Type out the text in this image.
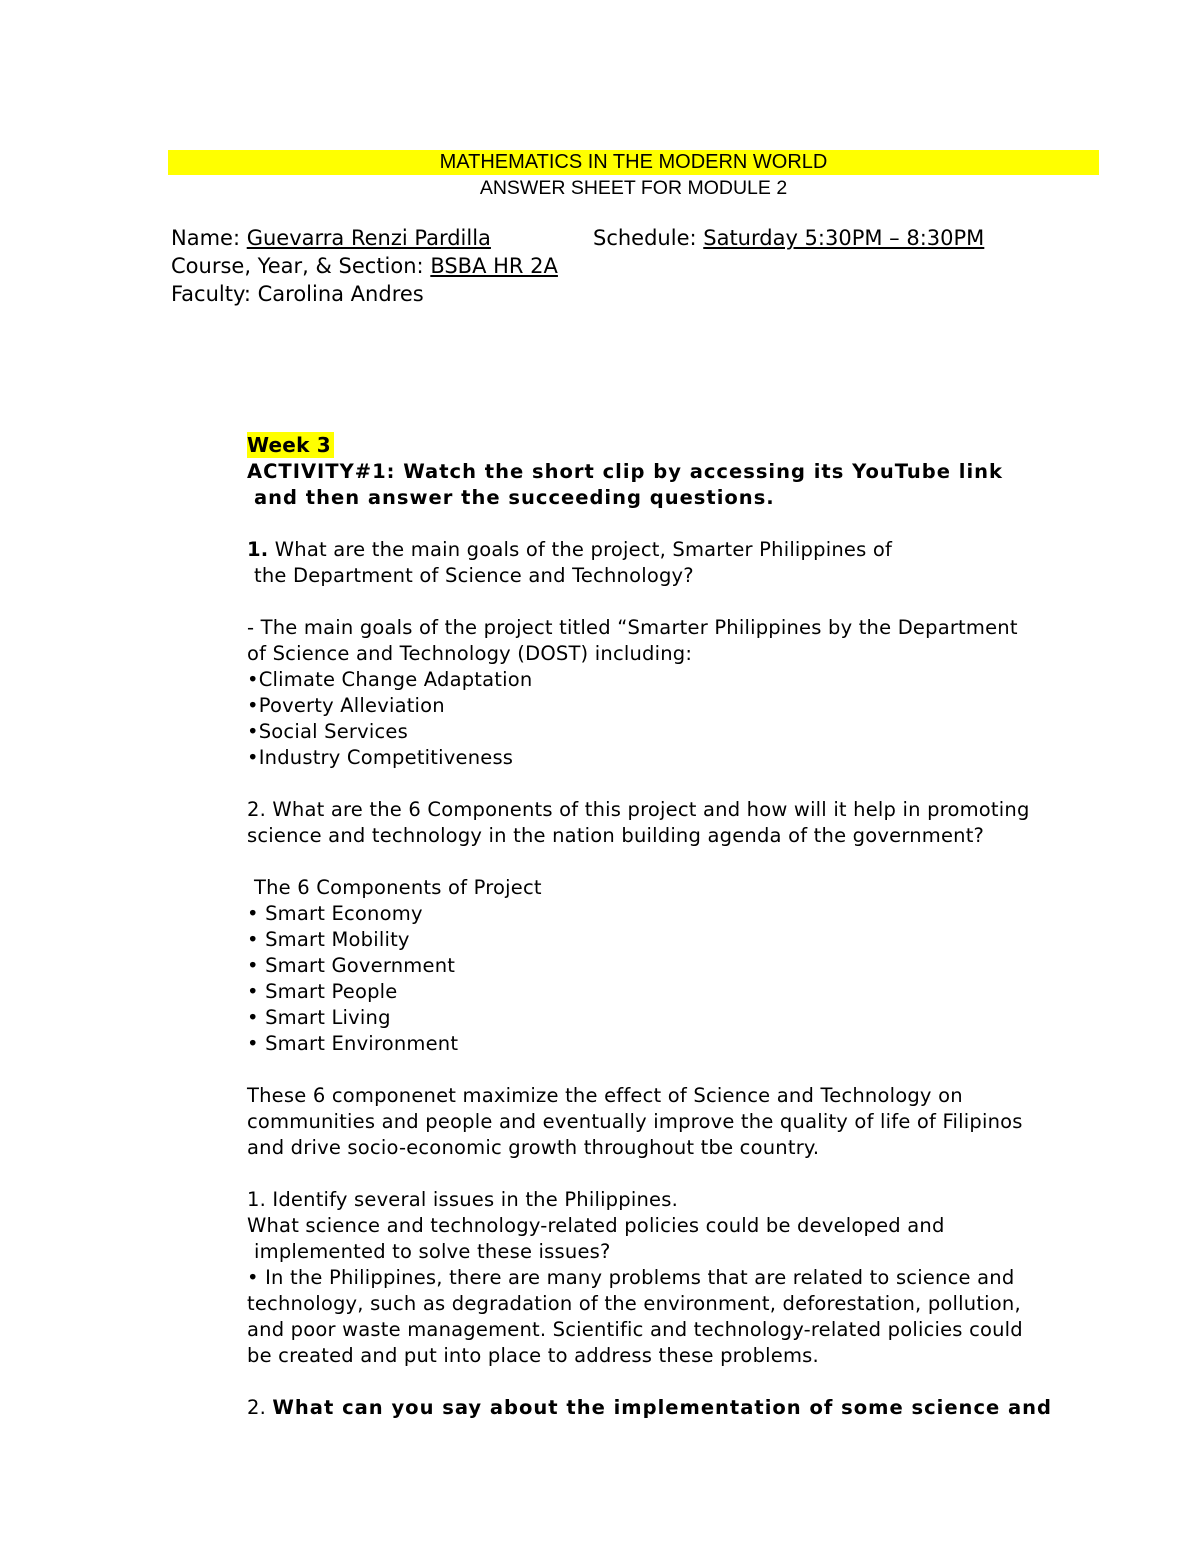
MATHEMATICS IN THE MODERN WORLD
ANSWER SHEET FOR MODULE 2
Name: Guevarra Renzi Pardilla	Schedule: Saturday 5:30PM – 8:30PM
Course, Year, & Section: BSBA HR 2A
Faculty: Carolina Andres

Week 3

ACTIVITY#1: Watch the short clip by accessing its YouTube link

and then answer the succeeding questions.

1. What are the main goals of the project, Smarter Philippines of

the Department of Science and Technology?

- The main goals of the project titled “Smarter Philippines by the Department

of Science and Technology (DOST) including:

•Climate Change Adaptation

•Poverty Alleviation

•Social Services

•Industry Competitiveness

2. What are the 6 Components of this project and how will it help in promoting

science and technology in the nation building agenda of the government?

The 6 Components of Project

• Smart Economy

• Smart Mobility

• Smart Government

• Smart People

• Smart Living

• Smart Environment

These 6 componenet maximize the effect of Science and Technology on

communities and people and eventually improve the quality of life of Filipinos

and drive socio-economic growth throughout tbe country.

1. Identify several issues in the Philippines.

What science and technology-related policies could be developed and

implemented to solve these issues?

• In the Philippines, there are many problems that are related to science and

technology, such as degradation of the environment, deforestation, pollution,

and poor waste management. Scientific and technology-related policies could

be created and put into place to address these problems.

2. What can you say about the implementation of some science and
